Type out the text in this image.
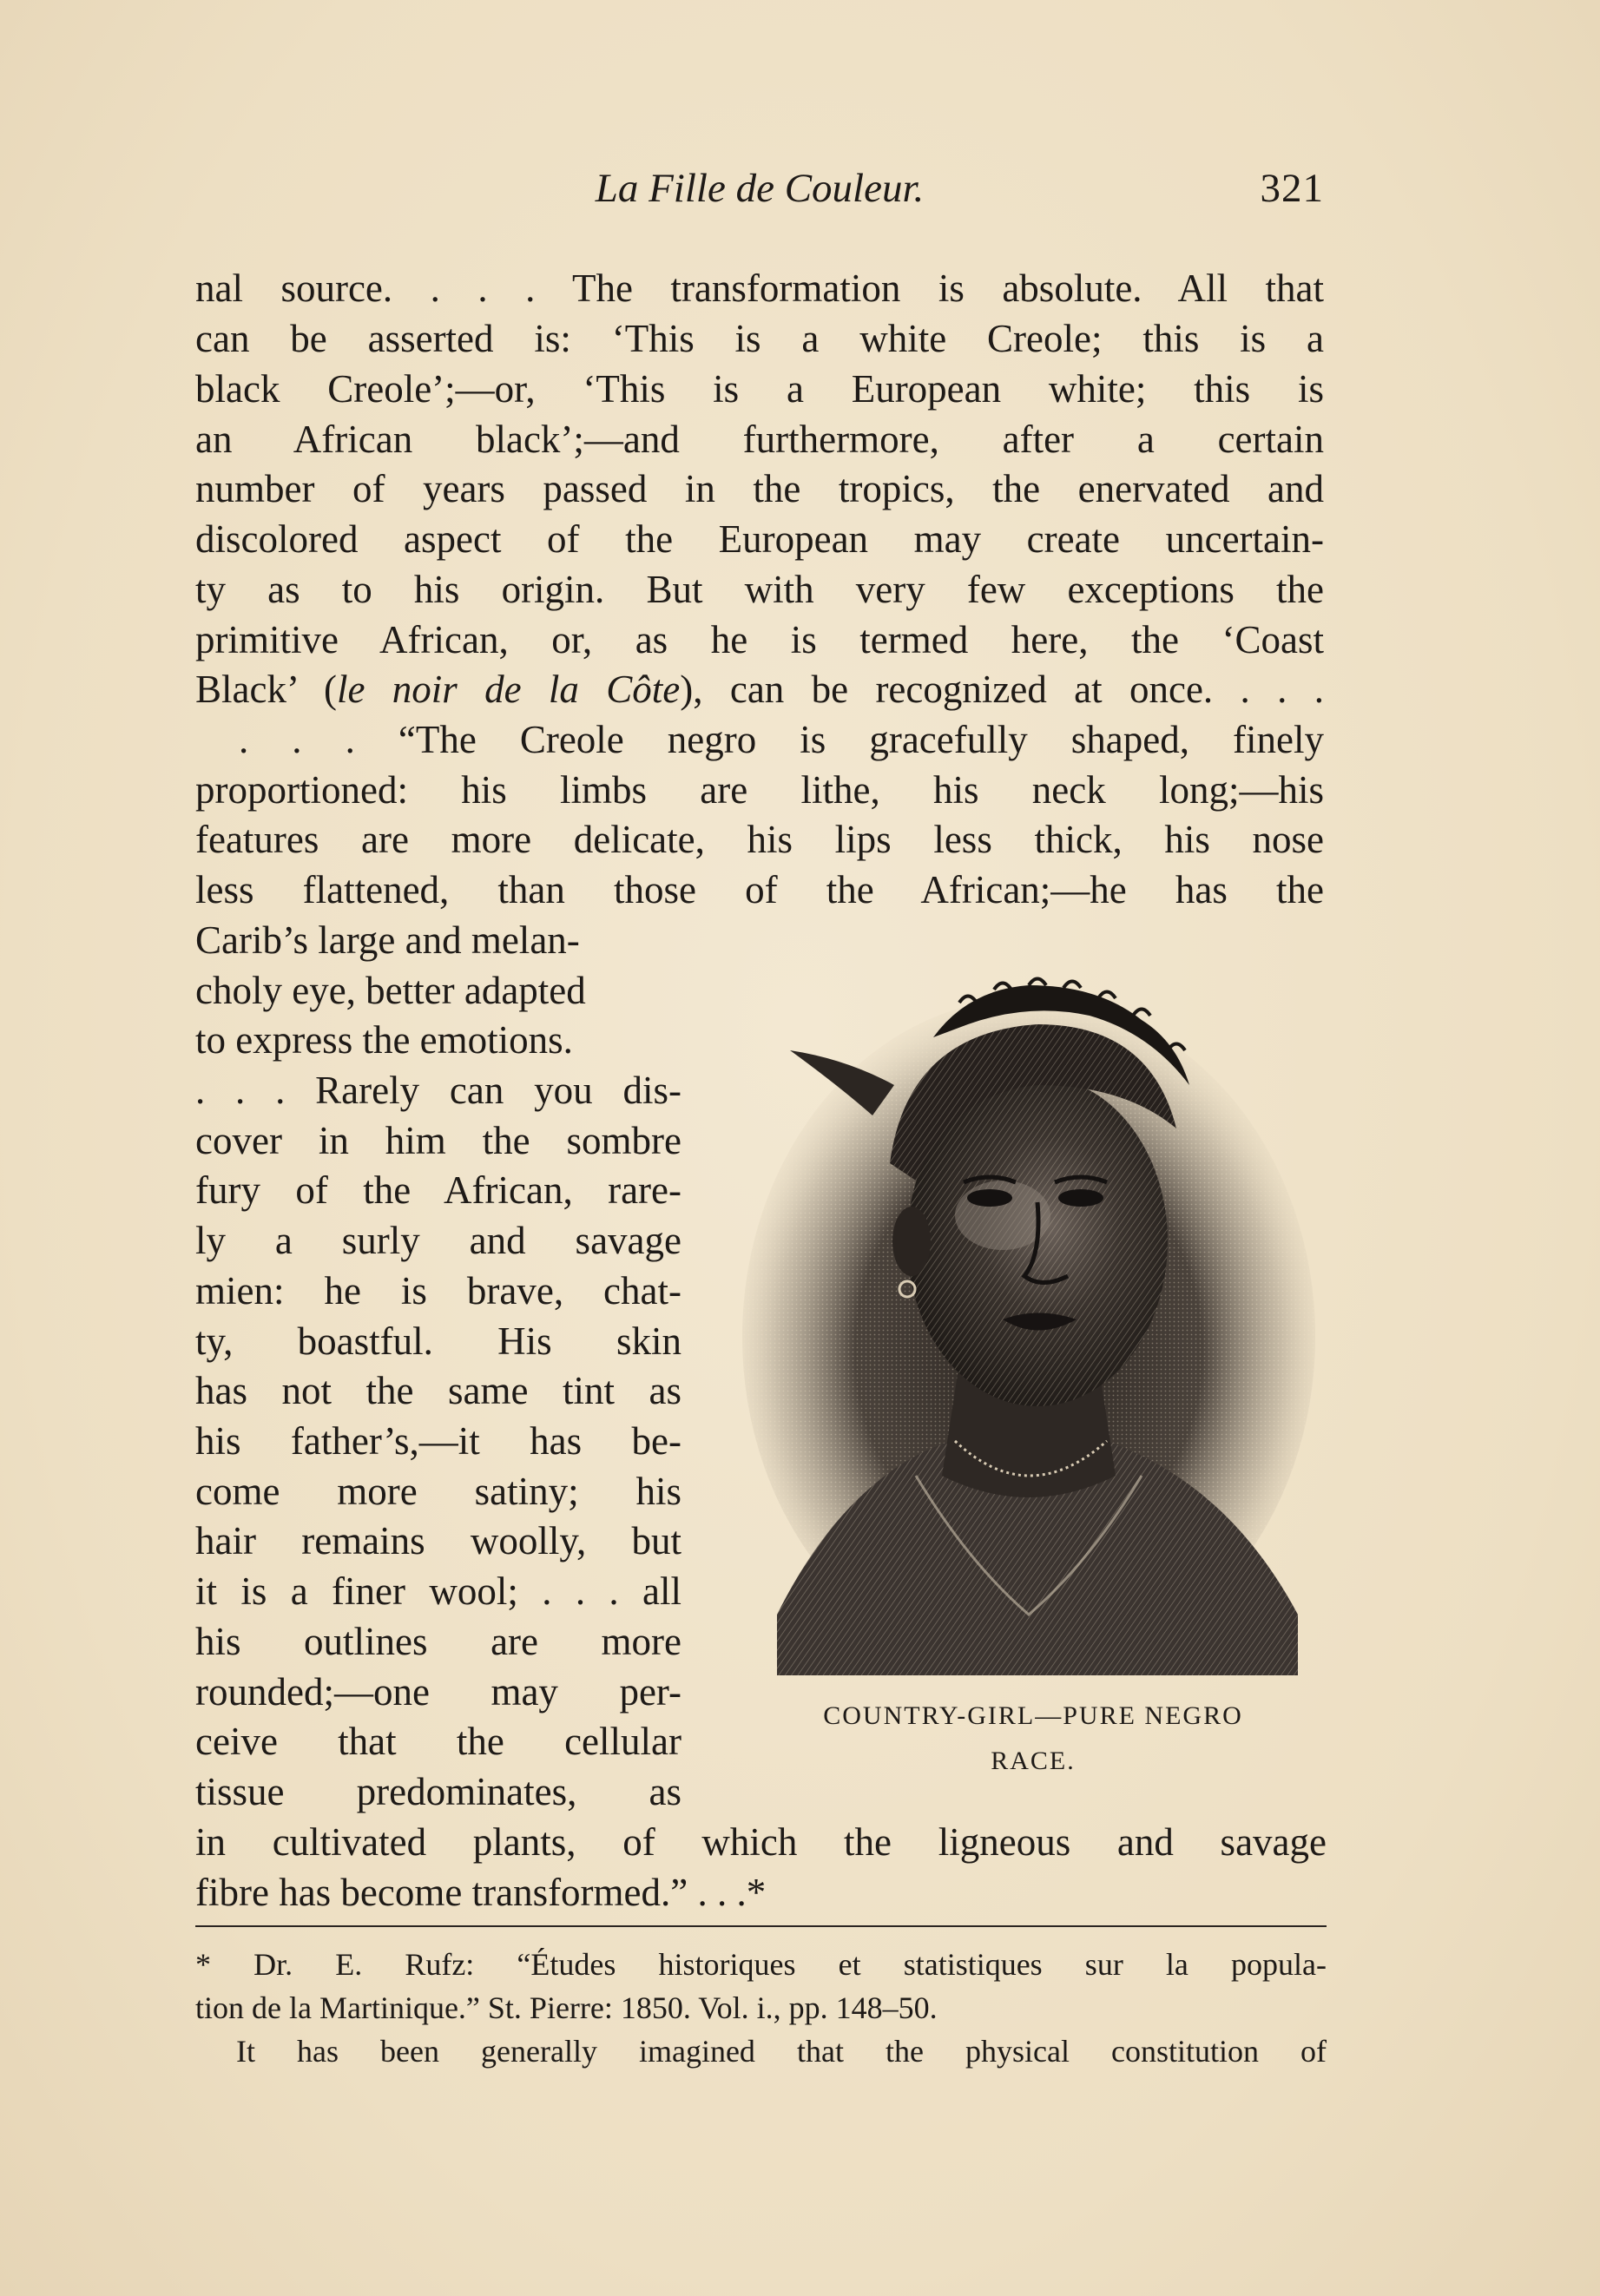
La Fille de Couleur.	321
nal source. . . . The transformation is absolute. All that
can be asserted is: ‘This is a white Creole; this is a
black Creole’;—or, ‘This is a European white; this is
an African black’;—and furthermore, after a certain
number of years passed in the tropics, the enervated and
discolored aspect of the European may create uncertain-
ty as to his origin. But with very few exceptions the
primitive African, or, as he is termed here, the ‘Coast
Black’ (le noir de la Côte), can be recognized at once. . . .
. . . “The Creole negro is gracefully shaped, finely
proportioned: his limbs are lithe, his neck long;—his
features are more delicate, his lips less thick, his nose
less flattened, than those of the African;—he has the
Carib’s large and melan-
choly eye, better adapted
to express the emotions.
. . . Rarely can you dis-
cover in him the sombre
fury of the African, rare-
ly a surly and savage
mien: he is brave, chat-
ty, boastful. His skin
has not the same tint as
his father’s,—it has be-
come more satiny; his
hair remains woolly, but
it is a finer wool; . . . all
his outlines are more
rounded;—one may per-
ceive that the cellular
tissue predominates, as
in cultivated plants, of which the ligneous and savage
fibre has become transformed.” . . .*
COUNTRY-GIRL—PURE NEGRO
RACE.
* Dr. E. Rufz: “Études historiques et statistiques sur la popula-
tion de la Martinique.” St. Pierre: 1850. Vol. i., pp. 148–50.
It has been generally imagined that the physical constitution of
